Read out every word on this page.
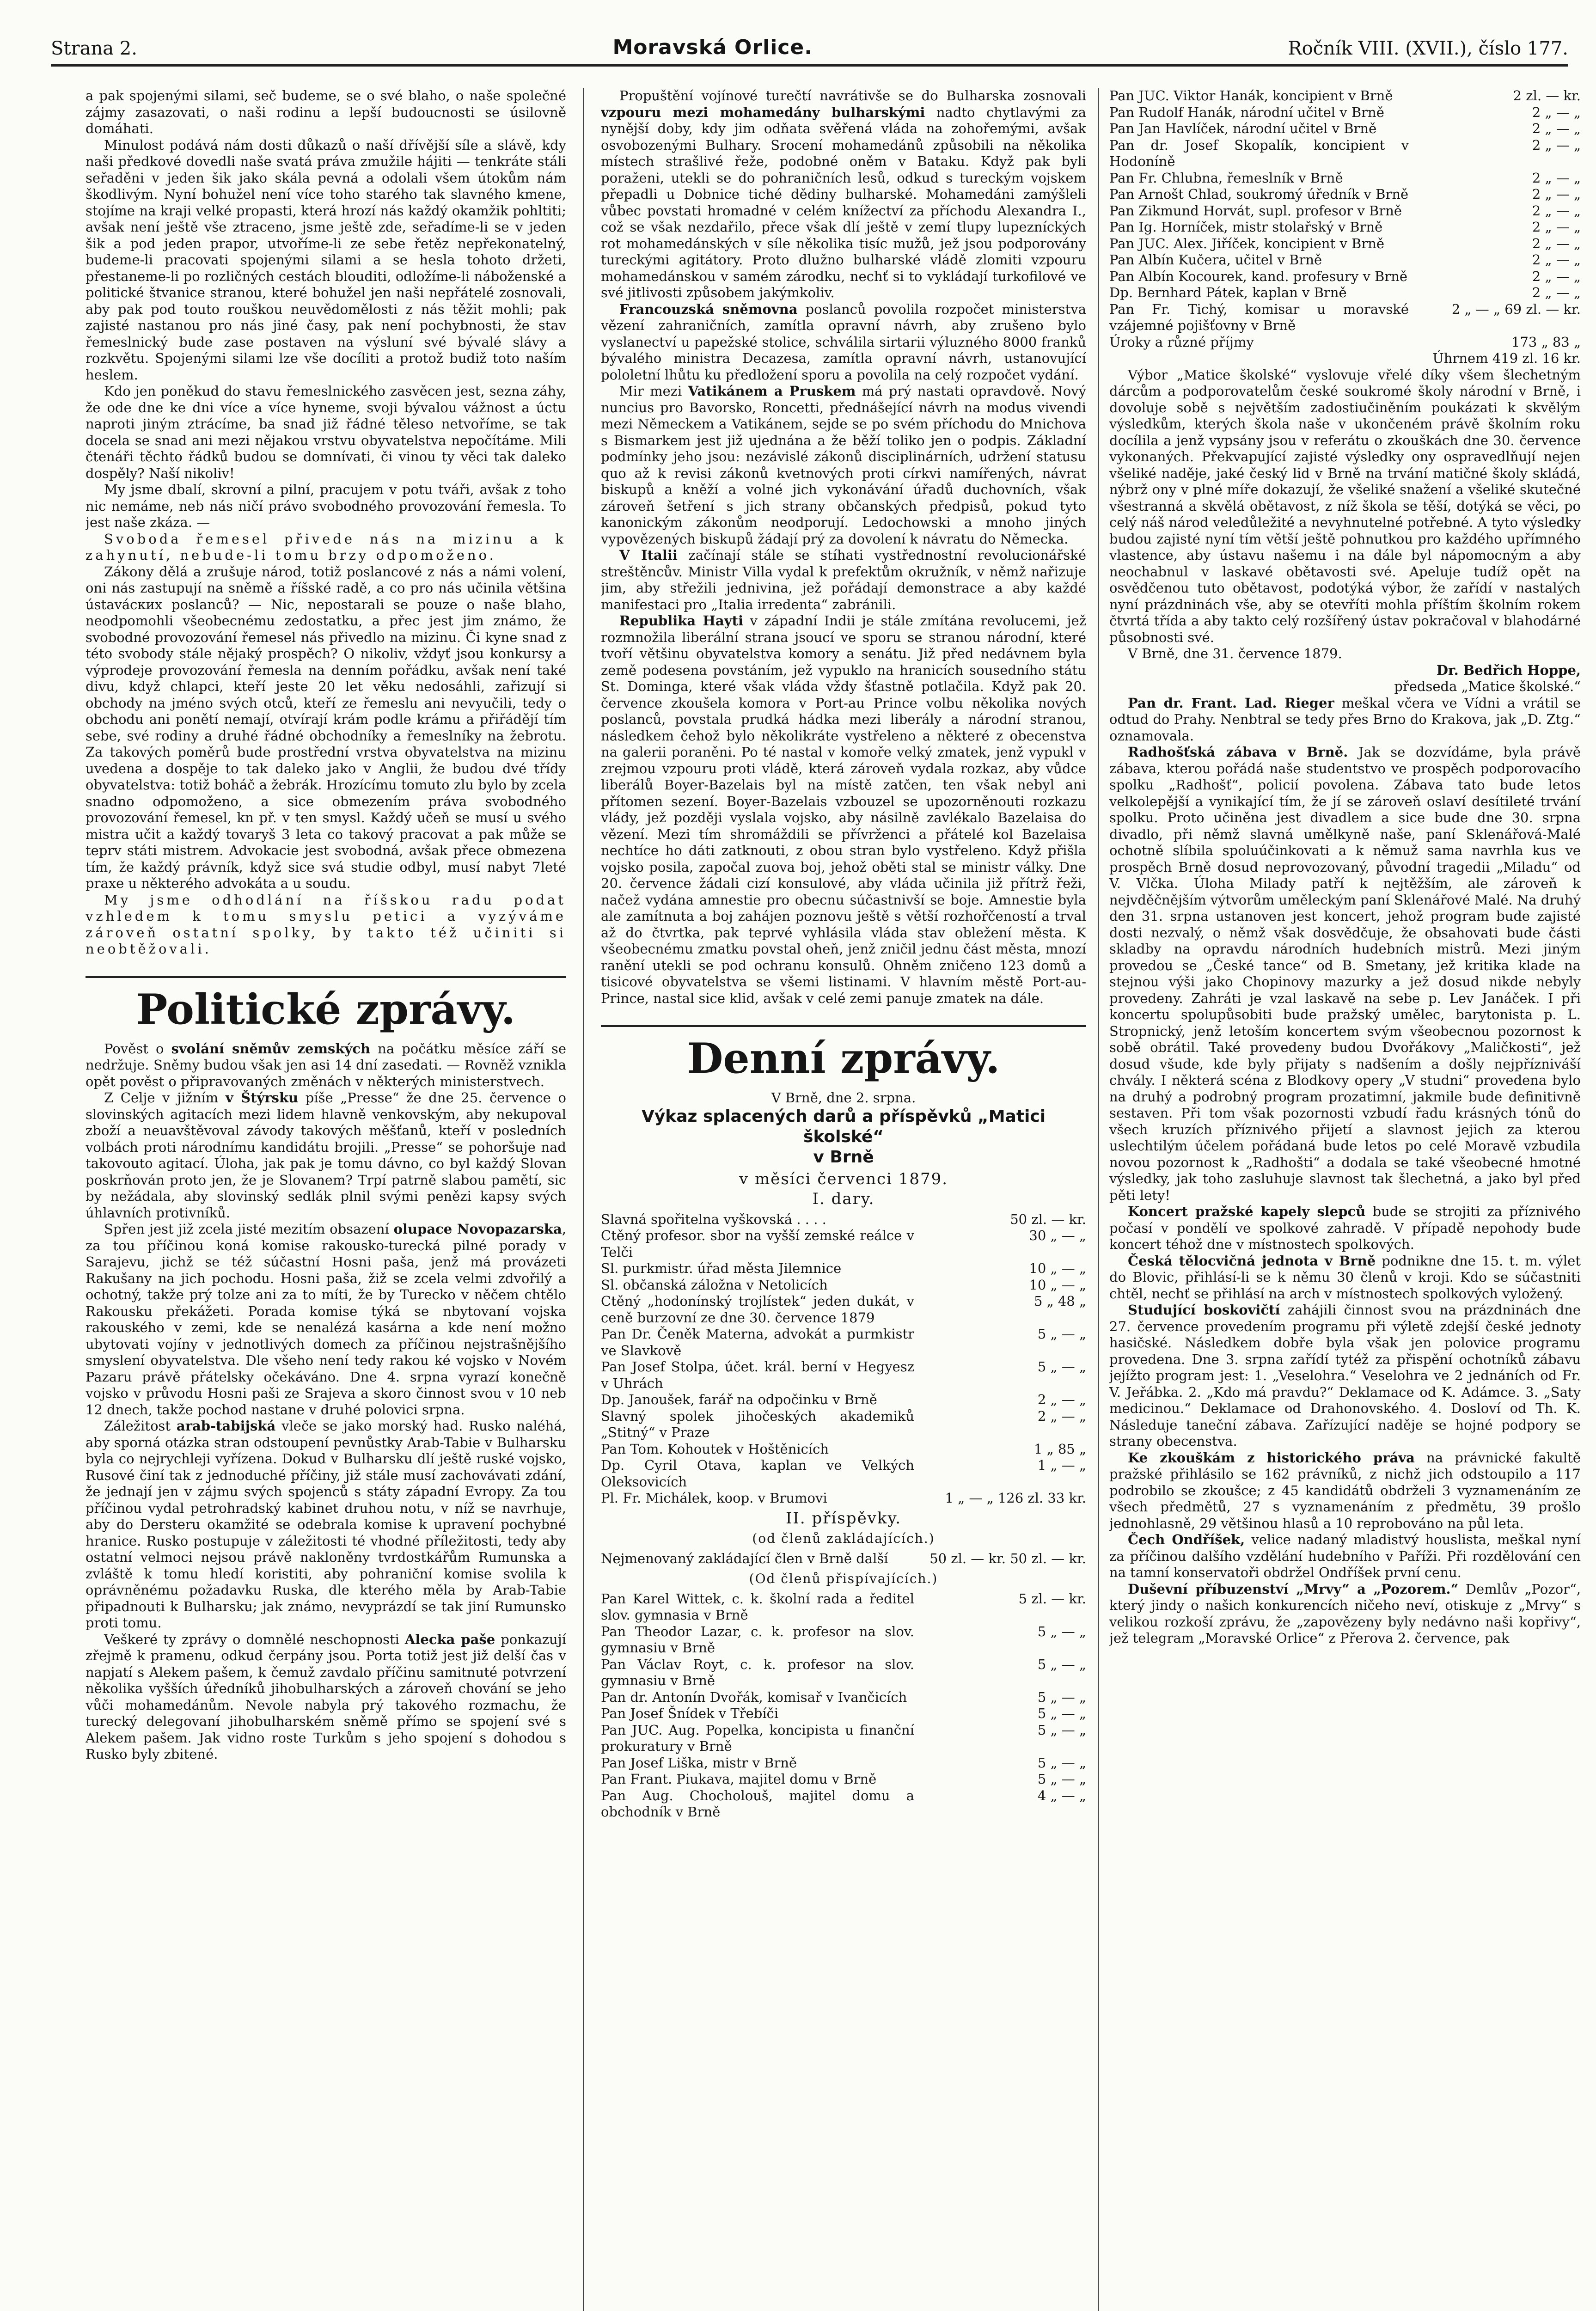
Strana 2.	Moravská Orlice.	Ročník VIII. (XVII.), číslo 177.

a pak spojenými silami, seč budeme, se o své blaho, o naše společné zájmy zasazovati, o naši rodinu a lepší budoucnosti se úsilovně domáhati.

Minulost podává nám dosti důkazů o naší dřívější síle a slávě, kdy naši předkové dovedli naše svatá práva zmužile hájiti — tenkráte stáli seřaděni v jeden šik jako skála pevná a odolali všem útokům nám škodlivým. Nyní bohužel není více toho starého tak slavného kmene, stojíme na kraji velké propasti, která hrozí nás každý okamžik pohltiti; avšak není ještě vše ztraceno, jsme ještě zde, seřadíme-li se v jeden šik a pod jeden prapor, utvoříme-li ze sebe řetěz nepřekonatelný, budeme-li pracovati spojenými silami a se heslа tohoto držeti, přestaneme-li po rozličných cestách blouditi, odložíme-li náboženské a politické štvanice stranou, které bohužel jen naši nepřátelé zosnovali, aby pak pod touto rouškou neuvědomělosti z nás těžit mohli; pak zajisté nastanou pro nás jiné časy, pak není pochybnosti, že stav řemeslnický bude zase postaven na výsluní své bývalé slávy a rozkvětu. Spojenými silami lze vše docíliti a protož budiž toto naším heslem.

Kdo jen poněkud do stavu řemeslnického zasvěcen jest, seznа záhy, že ode dne ke dni více a více hyneme, svoji bývalou vážnost a úctu naproti jiným ztrácíme, ba snad již řádné těleso netvoříme, se tak docela se snad ani mezi nějakou vrstvu obyvatelstva nepočítáme. Mili čtenáři těchto řádků budou se domnívati, či vinou ty věci tak daleko dospěly? Naší nikoliv!

My jsme dbalí, skrovní a pilní, pracujem v potu tváři, avšak z toho nic nemáme, neb nás ničí právo svobodného provozování řemesla. To jest naše zkáza. —

Svoboda řemesel přivede nás na mizinu a k zahynutí, nebude-li tomu brzy odpomoženo.

Zákony dělá a zrušuje národ, totiž poslancové z nás a námi volení, oni nás zastupují na sněmě a říšské radě, a co pro nás učinila většina ústavácких poslanců? — Nic, nepostarali se pouze o naše blaho, neodpomohli všeobecnému zedostatku, a přec jest jim známo, že svobodné provozování řemesel nás přivedlo na mizinu. Či kyne snad z této svobody stále nějaký prospěch? O nikoliv, vždyť jsou konkursy a výprodeje provozování řemesla na denním pořádku, avšak není také divu, když chlapci, kteří jeste 20 let věku nedosáhli, zařizují si obchody na jméno svých otců, kteří ze řemeslu ani nevyučili, tedy o obchodu ani ponětí nemají, otvírají krám podle krámu a přiřádějí tím sebe, své rodiny a druhé řádné obchodníky a řemeslníky na žebrotu. Za takových poměrů bude prostřední vrstva obyvatelstva na mizinu uvedena a dospěje to tak daleko jako v Anglii, že budou dvé třídy obyvatelstva: totiž boháč a žebrák. Hrozícímu tomuto zlu bylo by zcela snadno odpomoženo, a sice obmezením práva svobodného provozování řemesel, kn př. v ten smysl. Každý učeň se musí u svého mistra učit a každý tovaryš 3 leta co takový pracovat a pak může se teprv státi mistrem. Advokacie jest svobodná, avšak přece obmezena tím, že každý právník, když sice svá studie odbyl, musí nabyt 7leté praxe u některého advokáta a u soudu.

My jsme odhodlání na říšskou radu podat vzhledem k tomu smyslu petici a vyzýváme zároveň ostatní spolky, by takto též učiniti si neobtěžovali.

Politické zprávy.

Pověst o svolání sněmův zemských na počátku měsíce září se nedržuje. Sněmy budou však jen asi 14 dní zasedati. — Rovněž vznikla opět pověst o připravovaných změnách v některých ministerstvech.

Z Celje v jižním v Štýrsku píše „Presse“ že dne 25. července o slovinských agitacích mezi lidem hlavně venkovským, aby nekupoval zboží a neuavštěvoval závody takových měšťanů, kteří v posledních volbách proti národnímu kandidátu brojili. „Presse“ se pohoršuje nad takovouto agitací. Úloha, jak pak je tomu dávno, co byl každý Slovan poskrňován proto jen, že je Slovanem? Trpí patrně slabou pamětí, sic by nežádala, aby slovinský sedlák plnil svými penězi kapsy svých úhlavních protivníků.

Spřen jest již zcela jisté mezitím obsazení olupace Novopazarska, za tou příčinou koná komise rakousko-turecká pilné porady v Sarajevu, jichž se též súčastní Hosni paša, jenž má provázeti Rakušany na jich pochodu. Hosni paša, žiž se zcela velmi zdvořilý a ochotný, takže prý tolze ani za to míti, že by Turecko v něčem chtělo Rakousku překážeti. Porada komise týká se nbytovaní vojska rakouského v zemi, kde se nenalézá kasárna a kde není možno ubytovati vojíny v jednotlivých domech za příčinou nejstrašnějšího smyslení obyvatelstva. Dle všeho není tedy rakou ké vojsko v Novém Pazaru právě přátelsky očekáváno. Dne 4. srpna vyrazí konečně vojsko v průvodu Hosni paši ze Srajeva a skoro činnost svou v 10 neb 12 dnech, takže pochod nastane v druhé polovici srpna.

Záležitost arab-tabijská vleče se jako morský had. Rusko naléhá, aby sporná otázka stran odstoupení pevnůstky Arab-Tabie v Bulharsku byla co nejrychleji vyřízena. Dokud v Bulharsku dlí ještě ruské vojsko, Rusové činí tak z jednoduché příčiny, již stále musí zachovávati zdání, že jednají jen v zájmu svých spojenců s státy západní Evropy. Za tou příčinou vydal petrohradský kabinet druhou notu, v níž se navrhuje, aby do Dersteru okamžité se odebrala komise k upravení pochybné hranice. Rusko postupuje v záležitosti té vhodné příležitosti, tedy aby ostatní velmoci nejsou právě nakloněny tvrdostkářům Rumunska a zvláště k tomu hledí koristiti, aby pohraniční komise svolila k oprávněnému požadavku Ruska, dle kterého měla by Arab-Tabie připadnouti k Bulharsku; jak známo, nevyprázdí se tak jiní Rumunsko proti tomu.

Veškeré ty zprávy o domnělé neschopnosti Alecka paše ponkazují zřejmě k pramenu, odkud čerpány jsou. Porta totiž jest již delší čas v napjatí s Alekem pašem, k čemuž zavdalo příčinu samitnuté potvrzení několika vyšších úředníků jihobulharských a zároveň chování se jeho vůči mohamedánům. Nevole nabyla prý takového rozmachu, že turecký delegovaní jihobulharském sněmě přímo se spojení své s Alekem pašem. Jak vidno roste Turkům s jeho spojení s dohodou s Rusko byly zbitené.

Propuštění vojínové turečtí navrátivše se do Bulharska zosnovali vzpouru mezi mohamedány bulharskými nadto chytlavými za nynější doby, kdy jim odňata svěřená vláda na zohořemými, avšak osvobozenými Bulhary. Srocení mohamedánů způsobili na několika místech strašlivé řeže, podobné oněm v Bataku. Když pak byli poraženi, utekli se do pohraničních lesů, odkud s tureckým vojskem přepadli u Dobnice tiché dědiny bulharské. Mohamedáni zamýšleli vůbec povstati hromadné v celém knížectví za příchodu Alexandra I., což se však nezdařilo, přece však dlí ještě v zemí tlupy lupezníckých rot mohamedánských v síle několika tisíc mužů, jež jsou podporovány tureckými agitátory. Proto dlužno bulharské vládě zlomiti vzpouru mohamedánskou v samém zárodku, nechť si to vykládají turkofilové ve své jitlivosti způsobem jakýmkoliv.

Francouzská sněmovna poslanců povolila rozpočet ministerstva vězení zahraničních, zamítla opravní návrh, aby zrušeno bylo vyslanectví u papežské stolice, schválila sirtarii výluzného 8000 franků bývalého ministra Decazesa, zamítla opravní návrh, ustanovující pololetní lhůtu ku předložení sporu a povolila na celý rozpočet vydání.

Mir mezi Vatikánem a Pruskem má prý nastati opravdově. Nový nuncius pro Bavorsko, Roncetti, přednášející návrh na modus vivendi mezi Německem a Vatikánem, sejde se po svém příchodu do Mnichova s Bismarkem jest již ujednána a že běží toliko jen o podpis. Základní podmínky jeho jsou: nezávislé zákonů disciplinárních, udržení statusu quo až k revisi zákonů kvetnových proti církvi namířených, návrat biskupů a kněží a volné jich vykonávání úřadů duchovních, však zároveň šetření s jich strany občanských předpisů, pokud tyto kanonickým zákonům neodporují. Ledochowski a mnoho jiných vypovězených biskupů žádají prý za dovolení k návratu do Německa.

V Italii začínají stále se stíhati vystřednostní revolucionářské streštěncův. Ministr Villa vydal k prefektům okružník, v němž nařizuje jim, aby střežili jednivina, jež pořádají demonstrace a aby každé manifestaci pro „Italia irredenta“ zabránili.

Republika Hayti v západní Indii je stále zmítána revolucemi, jež rozmnožila liberální strana jsoucí ve sporu se stranou národní, které tvoří většinu obyvatelstva komory a senátu. Již před nedávnem byla země podesena povstáním, jež vypuklo na hranicích sousedního státu St. Dominga, které však vláda vždy šťastně potlačila. Když pak 20. července zkoušela komora v Port-au Prince volbu několika nových poslanců, povstala prudká hádka mezi liberály a národní stranou, následkem čehož bylo několikráte vystřeleno a některé z obecenstva na galerii poraněni. Po té nastal v komoře velký zmatek, jenž vypukl v zrejmou vzpouru proti vládě, která zároveň vydala rozkaz, aby vůdce liberálů Boyer-Bazelais byl na místě zatčen, ten však nebyl ani přítomen sezení. Boyer-Bazelais vzbouzel se upozorněnouti rozkazu vlády, jež později vyslala vojsko, aby násilně zavlékalo Bazelaisa do vězení. Mezi tím shromáždili se přívrženci a přátelé kol Bazelaisa nechtíce ho dáti zatknouti, z obou stran bylo vystřeleno. Když přišla vojsko posila, započal zuova boj, jehož oběti stal se ministr války. Dne 20. července žádali cizí konsulové, aby vláda učinila již přítrž řeži, načež vydána amnestie pro obecnu súčastnivší se boje. Amnestie byla ale zamítnuta a boj zahájen poznovu ještě s větší rozhořčeností a trval až do čtvrtka, pak teprvé vyhlásila vláda stav obležení města. K všeobecnému zmatku povstal oheň, jenž zničil jednu část města, mnozí ranění utekli se pod ochranu konsulů. Ohněm zničeno 123 domů a tisicové obyvatelstva se všemi listinami. V hlavním městě Port-au-Prince, nastal sice klid, avšak v celé zemi panuje zmatek na dále.

Denní zprávy.

V Brně, dne 2. srpna.

Výkaz splacených darů a příspěvků „Matici školské“
v Brně
v měsíci červenci 1879.
I. dary.
Slavná spořitelna vyškovská . . . .	50 zl. — kr.
Ctěný profesor. sbor na vyšší zemské reálce v Telči
30 „ — „
Sl. purkmistr. úřad města Jilemnice	10 „ — „
Sl. občanská záložna v Netolicích	10 „ — „
Ctěný „hodonínský trojlístek“ jeden dukát, v ceně burzovní ze dne 30. července 1879
5 „ 48 „
Pan Dr. Čeněk Materna, advokát a purmkistr ve Slavkově
5 „ — „
Pan Josef Stolpa, účet. král. berní v Hegyesz v Uhrách
5 „ — „
Dp. Janoušek, farář na odpočinku v Brně	2 „ — „
Slavný spolek jihočeských akademiků „Stitný“ v Praze
2 „ — „
Pan Tom. Kohoutek v Hoštěnicích	1 „ 85 „
Dp. Cyril Otava, kaplan ve Velkých Oleksovicích
1 „ — „
Pl. Fr. Michálek, koop. v Brumovi	1 „ — „ 126 zl. 33 kr.
II. příspěvky.
(od členů zakládajících.)
Nejmenovaný zakládající člen v Brně další	50 zl. — kr. 50 zl. — kr.
(Od členů přispívajících.)
Pan Karel Wittek, c. k. školní rada a ředitel slov. gymnasia v Brně
5 zl. — kr.
Pan Theodor Lazar, c. k. profesor na slov. gymnasiu v Brně
5 „ — „
Pan Václav Royt, c. k. profesor na slov. gymnasiu v Brně
5 „ — „
Pan dr. Antonín Dvořák, komisař v Ivančicích	5 „ — „
Pan Josef Šnídek v Třebíči	5 „ — „
Pan JUC. Aug. Popelka, koncipista u finanční prokuratury v Brně
5 „ — „
Pan Josef Liška, mistr v Brně	5 „ — „
Pan Frant. Piukava, majitel domu v Brně	5 „ — „
Pan Aug. Chocholouš, majitel domu a obchodník v Brně
4 „ — „
Pan JUC. Viktor Hanák, koncipient v Brně	2 zl. — kr.
Pan Rudolf Hanák, národní učitel v Brně	2 „ — „
Pan Jan Havlíček, národní učitel v Brně	2 „ — „
Pan dr. Josef Skopalík, koncipient v Hodoníně
2 „ — „
Pan Fr. Chlubna, řemeslník v Brně	2 „ — „
Pan Arnošt Chlad, soukromý úředník v Brně	2 „ — „
Pan Zikmund Horvát, supl. profesor v Brně	2 „ — „
Pan Ig. Horníček, mistr stolařský v Brně	2 „ — „
Pan JUC. Alex. Jiříček, koncipient v Brně	2 „ — „
Pan Albín Kučera, učitel v Brně	2 „ — „
Pan Albín Kocourek, kand. profesury v Brně	2 „ — „
Dp. Bernhard Pátek, kaplan v Brně	2 „ — „
Pan Fr. Tichý, komisar u moravské vzájemné pojišťovny v Brně
2 „ — „ 69 zl. — kr.
Úroky a různé příjmy	173 „ 83 „
Úhrnem 419 zl. 16 kr.

Výbor „Matice školské“ vyslovuje vřelé díky všem šlechetným dárcům a podporovatelům české soukromé školy národní v Brně, i dovoluje sobě s největším zadostiučiněním poukázati k skvělým výsledkům, kterých škola naše v ukončeném právě školním roku docílila a jenž vypsány jsou v referátu o zkouškách dne 30. července vykonaných. Překvapující zajisté výsledky ony ospravedlňují nejen všeliké naděje, jaké český lid v Brně na trvání matičné školy skládá, nýbrž ony v plné míře dokazují, že všeliké snažení a všeliké skutečné všestranná a skvělá obětavost, z níž škola se těší, dotýká se věci, po celý náš národ veledůležité a nevyhnutelné potřebné. A tyto výsledky budou zajisté nyní tím větší ještě pohnutkou pro každého upřímného vlastence, aby ústavu našemu i na dále byl nápomocným a aby neochabnul v laskavé obětavosti své. Apeluje tudíž opět na osvědčenou tuto obětavost, podotýká výbor, že zařídí v nastalých nyní prázdninách vše, aby se otevříti mohla příštím školním rokem čtvrtá třída a aby takto celý rozšířený ústav pokračoval v blahodárné působnosti své.

V Brně, dne 31. července 1879.

Dr. Bedřich Hoppe,
předseda „Matice školské.“

Pan dr. Frant. Lad. Rieger meškal včera ve Vídni a vrátil se odtud do Prahy. Nenbtral se tedy přes Brno do Krakova, jak „D. Ztg.“ oznamovala.

Radhošťská zábava v Brně. Jak se dozvídáme, byla právě zábava, kterou pořádá naše studentstvo ve prospěch podporovacího spolku „Radhošť“, policií povolena. Zábava tato bude letos velkolepější a vynikající tím, že jí se zároveň oslaví desítileté trvání spolku. Proto učiněna jest divadlem a sice bude dne 30. srpna divadlo, při němž slavná umělkyně naše, paní Sklenářová-Malé ochotně slíbila spoluúčinkovati a k němuž sama navrhla kus ve prospěch Brně dosud neprovozovaný, původní tragedii „Miladu“ od V. Vlčka. Úloha Milady patří k nejtěžším, ale zároveň k nejvděčnějším výtvorům uměleckým paní Sklenářové Malé. Na druhý den 31. srpna ustanoven jest koncert, jehož program bude zajisté dosti nezvalý, o němž však dosvědčuje, že obsahovati bude části skladby na opravdu národních hudebních mistrů. Mezi jiným provedou se „České tance“ od B. Smetany, jež kritika klade na stejnou výši jako Chopinovy mazurky a jež dosud nikde nebyly provedeny. Zahráti je vzal laskavě na sebe p. Lev Janáček. I při koncertu spolupůsobiti bude pražský umělec, barytonista p. L. Stropnický, jenž letoším koncertem svým všeobecnou pozornost k sobě obrátil. Také provedeny budou Dvořákovy „Maličkosti“, jež dosud všude, kde byly přijaty s nadšením a došly nejpřízniváší chvály. I některá scéna z Blodkovy opery „V studni“ provedena bylo na druhý a podrobný program prozatimní, jakmile bude definitivně sestaven. Při tom však pozornosti vzbudí řadu krásných tónů do všech kruzích příznivého přijetí a slavnost jejich za kterou uslechtilým účelem pořádaná bude letos po celé Moravě vzbudila novou pozornost k „Radhošti“ a dodala se také všeobecné hmotné výsledky, jak toho zasluhuje slavnost tak šlechetná, a jako byl před pěti lety!

Koncert pražské kapely slepců bude se strojiti za příznivého počasí v pondělí ve spolkové zahradě. V případě nepohody bude koncert téhož dne v místnostech spolkových.

Česká tělocvičná jednota v Brně podnikne dne 15. t. m. výlet do Blovic, přihlásí-li se k němu 30 členů v kroji. Kdo se súčastniti chtěl, nechť se přihlásí na arch v místnostech spolkových vyložený.

Studující boskovičtí zahájili činnost svou na prázdninách dne 27. července provedením programu při výletě zdejší české jednoty hasičské. Následkem dobře byla však jen polovice programu provedena. Dne 3. srpna zařídí tytéž za přispění ochotníků zábavu jejížto program jest: 1. „Veselohra.“ Veselohra ve 2 jednáních od Fr. V. Jeřábka. 2. „Kdo má pravdu?“ Deklamace od K. Adámce. 3. „Saty medicinou.“ Deklamace od Drahonovského. 4. Dosloví od Th. K. Následuje taneční zábava. Zařízující naděje se hojné podpory se strany obecenstva.

Ke zkouškám z historického práva na právnické fakultě pražské přihlásilo se 162 právníků, z nichž jich odstoupilo a 117 podrobilo se zkoušce; z 45 kandidátů obdrželi 3 vyznamenáním ze všech předmětů, 27 s vyznamenáním z předmětu, 39 prošlo jednohlasně, 29 většinou hlasů a 10 reprobováno na půl leta.

Čech Ondříšek, velice nadaný mladistvý houslista, meškal nyní za příčinou dalšího vzdělání hudebního v Paříži. Při rozdělování cen na tamní konservatoři obdržel Ondříšek první cenu.

Duševní příbuzenství „Mrvy“ a „Pozorem.“ Demlův „Pozor“, který jindy o našich konkurencích ničeho neví, otiskuje z „Mrvy“ s velikou rozkoší zprávu, že „zapovězeny byly nedávno naši kopřivy“, jež telegram „Moravské Orlice“ z Přerova 2. července, pak
